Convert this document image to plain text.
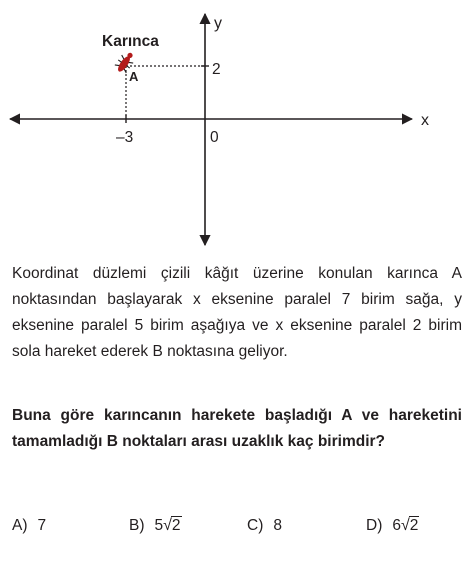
Karınca
A
y
2
x
–3	0

Koordinat düzlemi çizili kâğıt üzerine konulan karınca A noktasından başlayarak x eksenine paralel 7 birim sağa, y eksenine paralel 5 birim aşağıya ve x eksenine paralel 2 birim sola hareket ederek B noktasına geliyor.

Buna göre karıncanın harekete başladığı A ve hareketini tamamladığı B noktaları arası uzaklık kaç birimdir?

A) 7	B) 5√2	C) 8	D) 6√2
